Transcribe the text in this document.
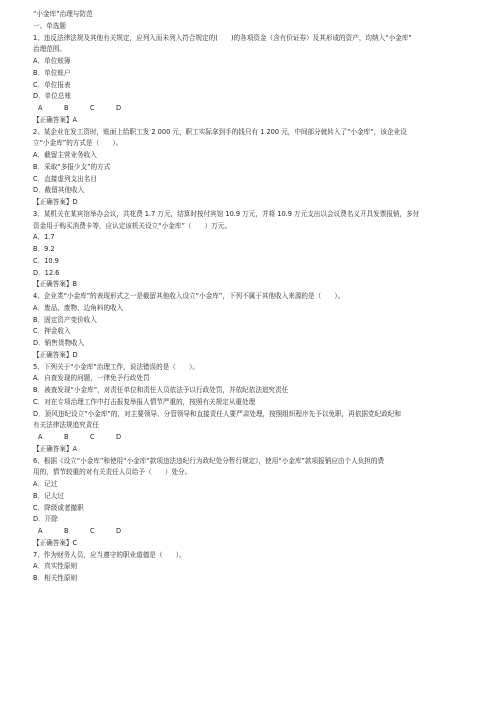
“小金库”治理与防范
一、单选题
1、违反法律法规及其他有关规定，应列入而未列入符合规定的(　　)的各项资金（含有价证券）及其形成的资产，均纳入“小金库”
治理范围。
A．单位账簿
B．单位账户
C．单位报表
D．单位总账
A	B	C	D
【正确答案】A
2、某企业在发工资时，账面上给职工发 2 000 元，职工实际拿到手的钱只有 1 200 元，中间部分就转入了“小金库”，该企业设
立“小金库”的方式是（　　）。
A．截留主营业务收入
B．采取“多报少支”的方式
C．直接虚列支出名目
D．截留其他收入
【正确答案】D
3、某机关在某宾馆举办会议，共花费 1.7 万元，结算时按付宾馆 10.9 万元，并将 10.9 万元支出以会议费名义开具发票报销，多付
资金用于购买消费卡等，应认定该机关设立“小金库”（　　）万元。
A．1.7
B．9.2
C．10.9
D．12.6
【正确答案】B
4、企业类“小金库”的表现形式之一是截留其他收入设立“小金库”，下列不属于其他收入来源的是（　　）。
A．废品、废物、边角料的收入
B．固定资产变价收入
C．押金收入
D．销售货物收入
【正确答案】D
5、下列关于“小金库”治理工作，说法错误的是（　　）。
A．自查发现的问题，一律免予行政处罚
B．被查发现“小金库”，对责任单位和责任人员依法予以行政处罚，并依纪依法追究责任
C．对在专项治理工作中打击报复举报人情节严重的，按照有关规定从重处理
D．顶风违纪设立“小金库”的，对主要领导、分管领导和直接责任人要严肃处理，按照组织程序先予以免职，再依据党纪政纪和
有关法律法规追究责任
A	B	C	D
【正确答案】A
6、根据《设立“小金库”和使用“小金库”款项违法违纪行为政纪处分暂行规定》，使用“小金库”款项报销应由个人负担的费
用的，情节较重的对有关责任人员给予（　　）处分。
A．记过
B．记大过
C．降级或者撤职
D．开除
A	B	C	D
【正确答案】C
7、作为财务人员，应当遵守的职业道德是（　　）。
A．真实性原则
B．相关性原则
